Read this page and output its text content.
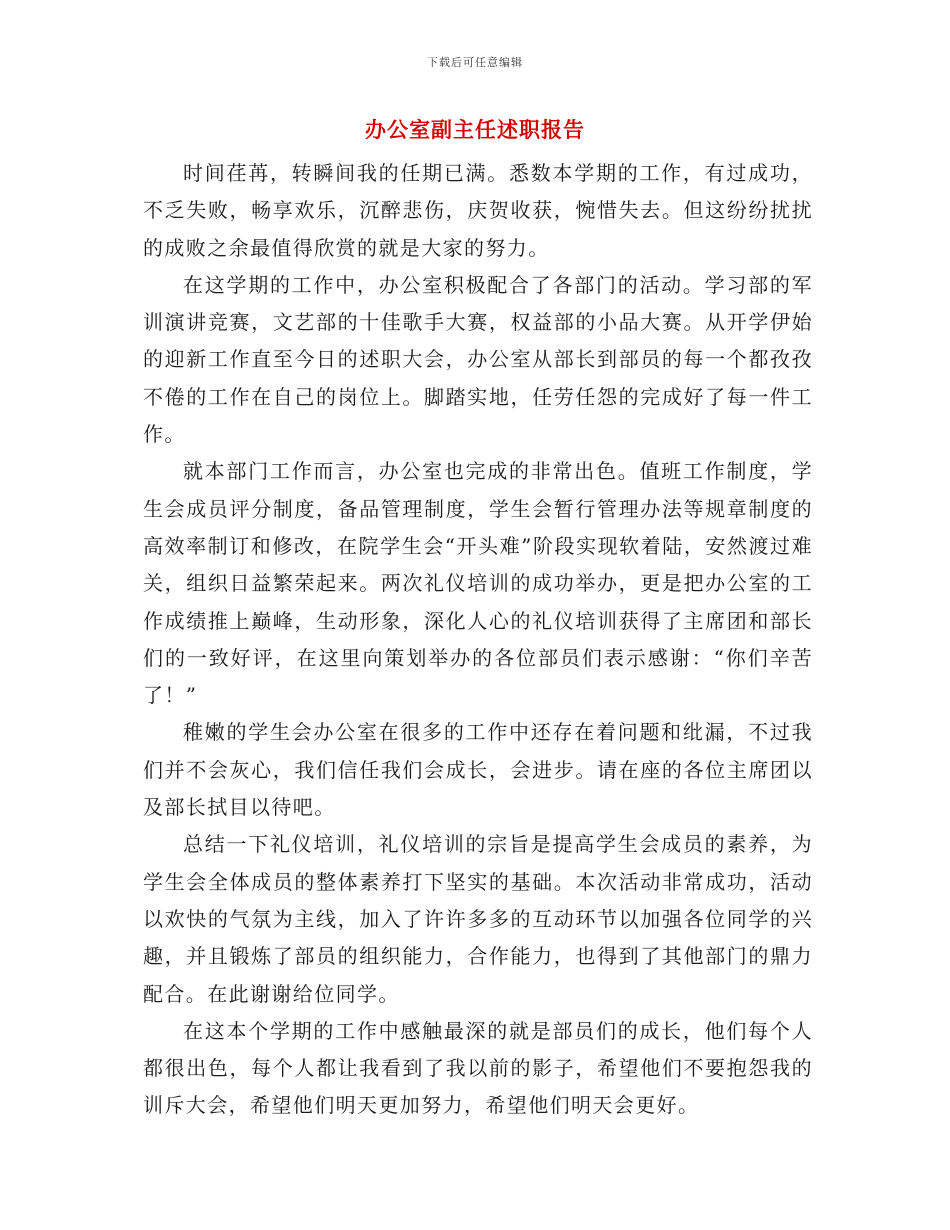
下载后可任意编辑
办公室副主任述职报告

时间荏苒，转瞬间我的任期已满。悉数本学期的工作，有过成功，不乏失败，畅享欢乐，沉醉悲伤，庆贺收获，惋惜失去。但这纷纷扰扰的成败之余最值得欣赏的就是大家的努力。

在这学期的工作中，办公室积极配合了各部门的活动。学习部的军训演讲竞赛，文艺部的十佳歌手大赛，权益部的小品大赛。从开学伊始的迎新工作直至今日的述职大会，办公室从部长到部员的每一个都孜孜不倦的工作在自己的岗位上。脚踏实地，任劳任怨的完成好了每一件工作。

就本部门工作而言，办公室也完成的非常出色。值班工作制度，学生会成员评分制度，备品管理制度，学生会暂行管理办法等规章制度的高效率制订和修改，在院学生会“开头难”阶段实现软着陆，安然渡过难关，组织日益繁荣起来。两次礼仪培训的成功举办，更是把办公室的工作成绩推上巅峰，生动形象，深化人心的礼仪培训获得了主席团和部长们的一致好评，在这里向策划举办的各位部员们表示感谢：“你们辛苦了！”

稚嫩的学生会办公室在很多的工作中还存在着问题和纰漏，不过我们并不会灰心，我们信任我们会成长，会进步。请在座的各位主席团以及部长拭目以待吧。

总结一下礼仪培训，礼仪培训的宗旨是提高学生会成员的素养，为学生会全体成员的整体素养打下坚实的基础。本次活动非常成功，活动以欢快的气氛为主线，加入了许许多多的互动环节以加强各位同学的兴趣，并且锻炼了部员的组织能力，合作能力，也得到了其他部门的鼎力配合。在此谢谢给位同学。

在这本个学期的工作中感触最深的就是部员们的成长，他们每个人都很出色，每个人都让我看到了我以前的影子，希望他们不要抱怨我的训斥大会，希望他们明天更加努力，希望他们明天会更好。
